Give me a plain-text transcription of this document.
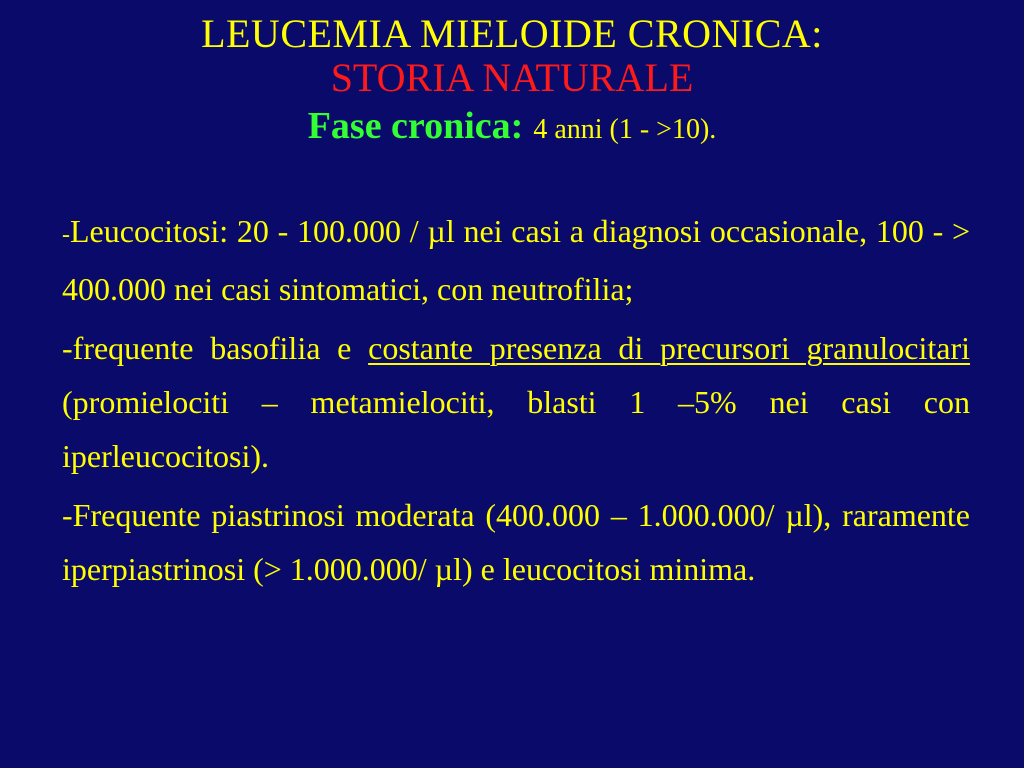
LEUCEMIA MIELOIDE CRONICA:
STORIA NATURALE
Fase cronica: 4 anni (1 - >10).

-Leucocitosi: 20 - 100.000 / µl nei casi a diagnosi occasionale, 100 - > 400.000 nei casi sintomatici, con neutrofilia;

-frequente basofilia e costante presenza di precursori granulocitari (promielociti – metamielociti, blasti 1 –5% nei casi con iperleucocitosi).

-Frequente piastrinosi moderata (400.000 – 1.000.000/ µl), raramente iperpiastrinosi (> 1.000.000/ µl) e leucocitosi minima.
